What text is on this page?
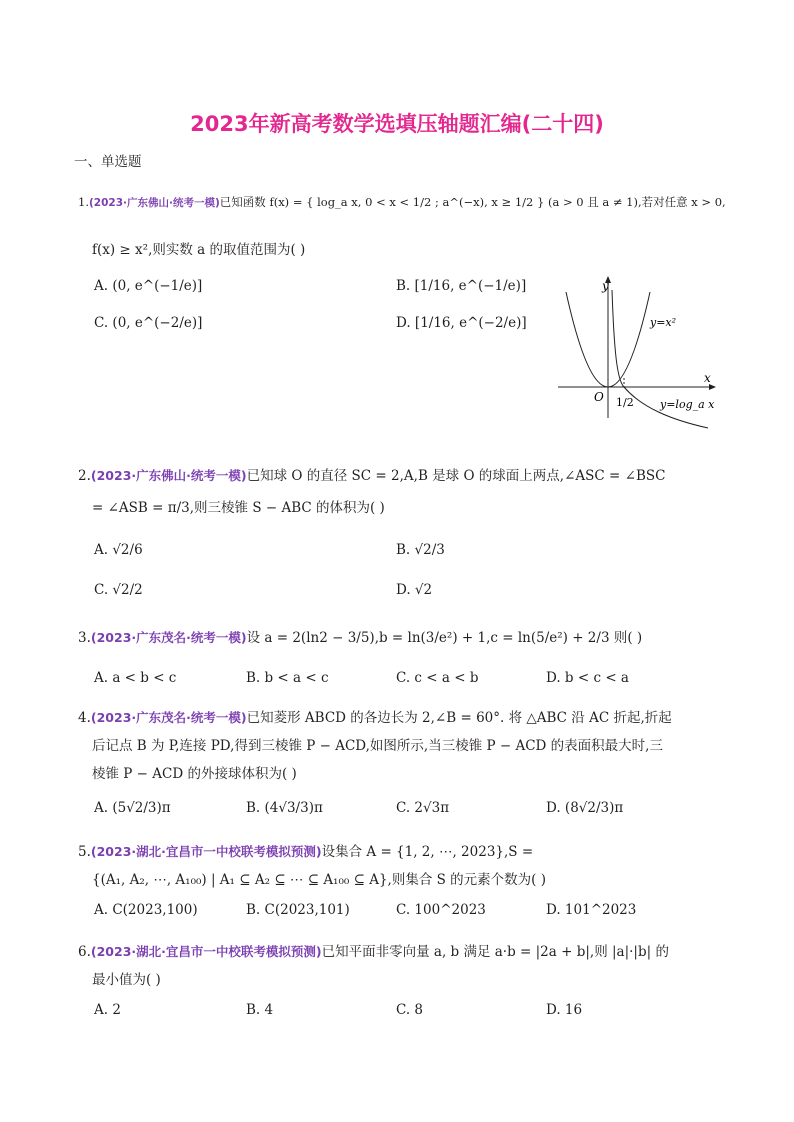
2023年新高考数学选填压轴题汇编(二十四)
一、单选题
1.(2023·广东佛山·统考一模)已知函数 f(x) = { log_a x, 0 < x < 1/2 ; a^(−x), x ≥ 1/2 } (a > 0 且 a ≠ 1),若对任意 x > 0,
f(x) ≥ x²,则实数 a 的取值范围为( )
A. (0, e^(−1/e)]	B. [1/16, e^(−1/e)]
C. (0, e^(−2/e)]	D. [1/16, e^(−2/e)]
y
x
O 1/2
y=x²
y=log_a x
2.(2023·广东佛山·统考一模)已知球 O 的直径 SC = 2,A,B 是球 O 的球面上两点,∠ASC = ∠BSC
= ∠ASB = π/3,则三棱锥 S − ABC 的体积为( )
A. √2/6	B. √2/3
C. √2/2	D. √2
3.(2023·广东茂名·统考一模)设 a = 2(ln2 − 3/5),b = ln(3/e²) + 1,c = ln(5/e²) + 2/3 则( )
A. a < b < c	B. b < a < c	C. c < a < b	D. b < c < a
4.(2023·广东茂名·统考一模)已知菱形 ABCD 的各边长为 2,∠B = 60°. 将 △ABC 沿 AC 折起,折起
后记点 B 为 P,连接 PD,得到三棱锥 P − ACD,如图所示,当三棱锥 P − ACD 的表面积最大时,三
棱锥 P − ACD 的外接球体积为( )
A. (5√2/3)π	B. (4√3/3)π	C. 2√3π	D. (8√2/3)π
5.(2023·湖北·宜昌市一中校联考模拟预测)设集合 A = {1, 2, ⋯, 2023},S =
{(A₁, A₂, ⋯, A₁₀₀) | A₁ ⊆ A₂ ⊆ ⋯ ⊆ A₁₀₀ ⊆ A},则集合 S 的元素个数为( )
A. C(2023,100)	B. C(2023,101)	C. 100^2023	D. 101^2023
6.(2023·湖北·宜昌市一中校联考模拟预测)已知平面非零向量 a, b 满足 a·b = |2a + b|,则 |a|·|b| 的
最小值为( )
A. 2	B. 4	C. 8	D. 16
